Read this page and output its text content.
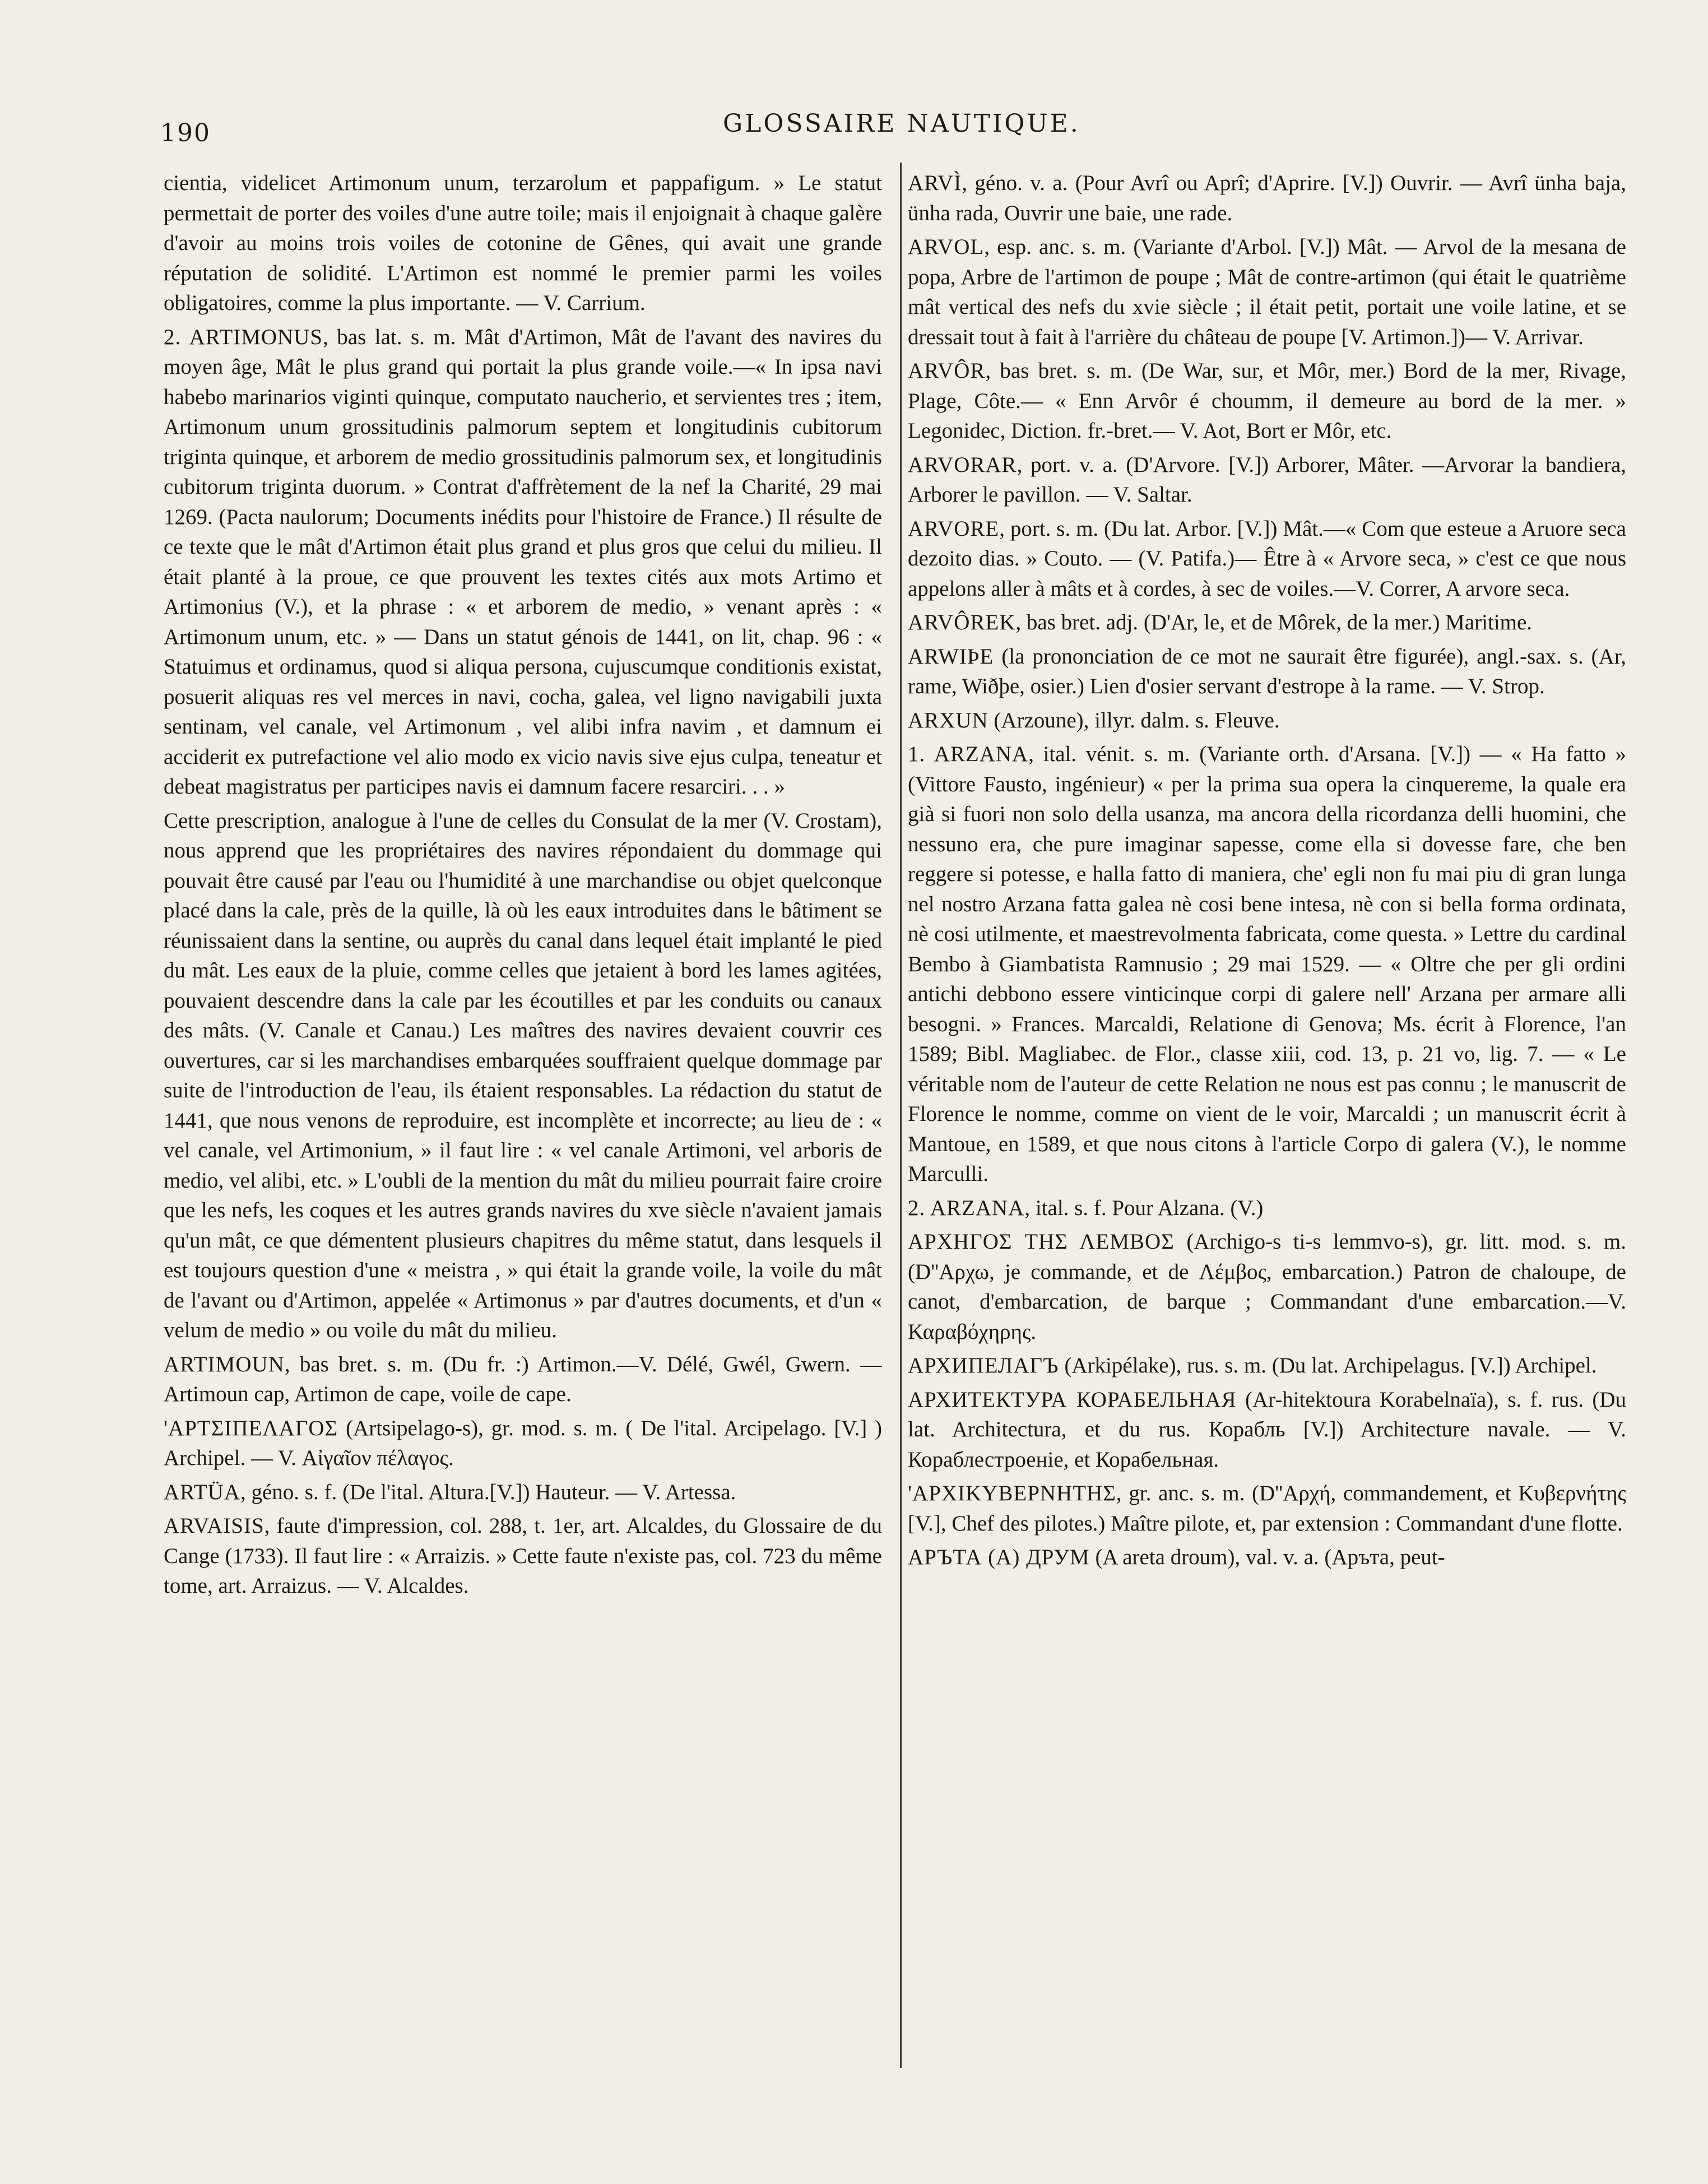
190	GLOSSAIRE NAUTIQUE.

cientia, videlicet Artimonum unum, terzarolum et pappafigum. » Le statut permettait de porter des voiles d'une autre toile; mais il enjoignait à chaque galère d'avoir au moins trois voiles de cotonine de Gênes, qui avait une grande réputation de solidité. L'Artimon est nommé le premier parmi les voiles obligatoires, comme la plus importante. — V. Carrium.

2. ARTIMONUS, bas lat. s. m. Mât d'Artimon, Mât de l'avant des navires du moyen âge, Mât le plus grand qui portait la plus grande voile.—« In ipsa navi habebo marinarios viginti quinque, computato naucherio, et servientes tres ; item, Artimonum unum grossitudinis palmorum septem et longitudinis cubitorum triginta quinque, et arborem de medio grossitudinis palmorum sex, et longitudinis cubitorum triginta duorum. » Contrat d'affrètement de la nef la Charité, 29 mai 1269. (Pacta naulorum; Documents inédits pour l'histoire de France.) Il résulte de ce texte que le mât d'Artimon était plus grand et plus gros que celui du milieu. Il était planté à la proue, ce que prouvent les textes cités aux mots Artimo et Artimonius (V.), et la phrase : « et arborem de medio, » venant après : « Artimonum unum, etc. » — Dans un statut génois de 1441, on lit, chap. 96 : « Statuimus et ordinamus, quod si aliqua persona, cujuscumque conditionis existat, posuerit aliquas res vel merces in navi, cocha, galea, vel ligno navigabili juxta sentinam, vel canale, vel Artimonum , vel alibi infra navim , et damnum ei acciderit ex putrefactione vel alio modo ex vicio navis sive ejus culpa, teneatur et debeat magistratus per participes navis ei damnum facere resarciri. . . »

Cette prescription, analogue à l'une de celles du Consulat de la mer (V. Crostam), nous apprend que les propriétaires des navires répondaient du dommage qui pouvait être causé par l'eau ou l'humidité à une marchandise ou objet quelconque placé dans la cale, près de la quille, là où les eaux introduites dans le bâtiment se réunissaient dans la sentine, ou auprès du canal dans lequel était implanté le pied du mât. Les eaux de la pluie, comme celles que jetaient à bord les lames agitées, pouvaient descendre dans la cale par les écoutilles et par les conduits ou canaux des mâts. (V. Canale et Canau.) Les maîtres des navires devaient couvrir ces ouvertures, car si les marchandises embarquées souffraient quelque dommage par suite de l'introduction de l'eau, ils étaient responsables. La rédaction du statut de 1441, que nous venons de reproduire, est incomplète et incorrecte; au lieu de : « vel canale, vel Artimonium, » il faut lire : « vel canale Artimoni, vel arboris de medio, vel alibi, etc. » L'oubli de la mention du mât du milieu pourrait faire croire que les nefs, les coques et les autres grands navires du xve siècle n'avaient jamais qu'un mât, ce que démentent plusieurs chapitres du même statut, dans lesquels il est toujours question d'une « meistra , » qui était la grande voile, la voile du mât de l'avant ou d'Artimon, appelée « Artimonus » par d'autres documents, et d'un « velum de medio » ou voile du mât du milieu.

ARTIMOUN, bas bret. s. m. (Du fr. :) Artimon.—V. Délé, Gwél, Gwern. — Artimoun cap, Artimon de cape, voile de cape.

'ΑΡΤΣΙΠΕΛΑΓΟΣ (Artsipelago-s), gr. mod. s. m. ( De l'ital. Arcipelago. [V.] ) Archipel. — V. Αἰγαῖον πέλαγος.

ARTÜA, géno. s. f. (De l'ital. Altura.[V.]) Hauteur. — V. Artessa.

ARVAISIS, faute d'impression, col. 288, t. 1er, art. Alcaldes, du Glossaire de du Cange (1733). Il faut lire : « Arraizis. » Cette faute n'existe pas, col. 723 du même tome, art. Arraizus. — V. Alcaldes.

ARVÌ, géno. v. a. (Pour Avrî ou Aprî; d'Aprire. [V.]) Ouvrir. — Avrî ünha baja, ünha rada, Ouvrir une baie, une rade.

ARVOL, esp. anc. s. m. (Variante d'Arbol. [V.]) Mât. — Arvol de la mesana de popa, Arbre de l'artimon de poupe ; Mât de contre-artimon (qui était le quatrième mât vertical des nefs du xvie siècle ; il était petit, portait une voile latine, et se dressait tout à fait à l'arrière du château de poupe [V. Artimon.])— V. Arrivar.

ARVÔR, bas bret. s. m. (De War, sur, et Môr, mer.) Bord de la mer, Rivage, Plage, Côte.— « Enn Arvôr é choumm, il demeure au bord de la mer. » Legonidec, Diction. fr.-bret.— V. Aot, Bort er Môr, etc.

ARVORAR, port. v. a. (D'Arvore. [V.]) Arborer, Mâter. —Arvorar la bandiera, Arborer le pavillon. — V. Saltar.

ARVORE, port. s. m. (Du lat. Arbor. [V.]) Mât.—« Com que esteue a Aruore seca dezoito dias. » Couto. — (V. Patifa.)— Être à « Arvore seca, » c'est ce que nous appelons aller à mâts et à cordes, à sec de voiles.—V. Correr, A arvore seca.

ARVÔREK, bas bret. adj. (D'Ar, le, et de Môrek, de la mer.) Maritime.

ARWIÞE (la prononciation de ce mot ne saurait être figurée), angl.-sax. s. (Ar, rame, Wiðþe, osier.) Lien d'osier servant d'estrope à la rame. — V. Strop.

ARXUN (Arzoune), illyr. dalm. s. Fleuve.

1. ARZANA, ital. vénit. s. m. (Variante orth. d'Arsana. [V.]) — « Ha fatto » (Vittore Fausto, ingénieur) « per la prima sua opera la cinquereme, la quale era già si fuori non solo della usanza, ma ancora della ricordanza delli huomini, che nessuno era, che pure imaginar sapesse, come ella si dovesse fare, che ben reggere si potesse, e halla fatto di maniera, che' egli non fu mai piu di gran lunga nel nostro Arzana fatta galea nè cosi bene intesa, nè con si bella forma ordinata, nè cosi utilmente, et maestrevolmenta fabricata, come questa. » Lettre du cardinal Bembo à Giambatista Ramnusio ; 29 mai 1529. — « Oltre che per gli ordini antichi debbono essere vinticinque corpi di galere nell' Arzana per armare alli besogni. » Frances. Marcaldi, Relatione di Genova; Ms. écrit à Florence, l'an 1589; Bibl. Magliabec. de Flor., classe xiii, cod. 13, p. 21 vo, lig. 7. — « Le véritable nom de l'auteur de cette Relation ne nous est pas connu ; le manuscrit de Florence le nomme, comme on vient de le voir, Marcaldi ; un manuscrit écrit à Mantoue, en 1589, et que nous citons à l'article Corpo di galera (V.), le nomme Marculli.

2. ARZANA, ital. s. f. Pour Alzana. (V.)

ΑΡΧΗΓΟΣ ΤΗΣ ΛΕΜΒΟΣ (Archigo-s ti-s lemmvo-s), gr. litt. mod. s. m. (D''Αρχω, je commande, et de Λέμβος, embarcation.) Patron de chaloupe, de canot, d'embarcation, de barque ; Commandant d'une embarcation.—V. Καραβόχηρης.

АРХИПЕЛАГЪ (Arkipélake), rus. s. m. (Du lat. Archipelagus. [V.]) Archipel.

АРХИТЕКТУРА КОРАБЕЛЬНАЯ (Ar-hitektoura Korabelnaïa), s. f. rus. (Du lat. Architectura, et du rus. Корабль [V.]) Architecture navale. — V. Кораблестроеніе, et Корабельная.

'ΑΡΧΙΚΥΒΕΡΝΗΤΗΣ, gr. anc. s. m. (D''Αρχή, commandement, et Κυβερνήτης [V.], Chef des pilotes.) Maître pilote, et, par extension : Commandant d'une flotte.

АРЪТА (А) ДРУМ (A areta droum), val. v. a. (Аръта, peut-
